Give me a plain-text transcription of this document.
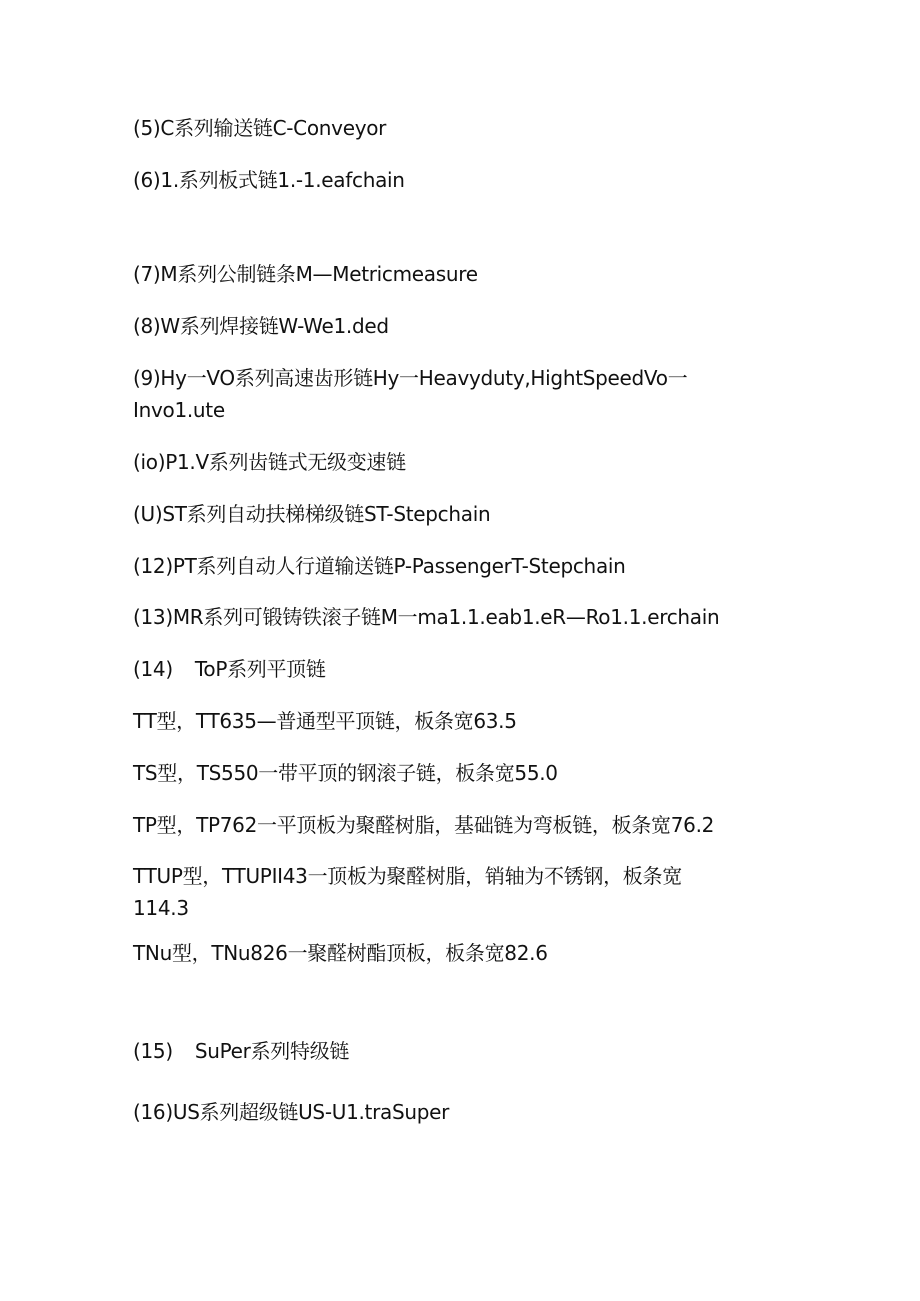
(5)C系列输送链C-Conveyor
(6)1.系列板式链1.-1.eafchain
(7)M系列公制链条M—Metricmeasure
(8)W系列焊接链W-We1.ded
(9)Hy一VO系列高速齿形链Hy一Heavyduty,HightSpeedVo一
Invo1.ute
(io)P1.V系列齿链式无级变速链
(U)ST系列自动扶梯梯级链ST-Stepchain
(12)PT系列自动人行道输送链P-PassengerT-Stepchain
(13)MR系列可锻铸铁滚子链M一ma1.1.eab1.eR—Ro1.1.erchain
(14) ToP系列平顶链
TT型，TT635—普通型平顶链，板条宽63.5
TS型，TS550一带平顶的钢滚子链，板条宽55.0
TP型，TP762一平顶板为聚醛树脂，基础链为弯板链，板条宽76.2
TTUP型，TTUPII43一顶板为聚醛树脂，销轴为不锈钢，板条宽
114.3
TNu型，TNu826一聚醛树酯顶板，板条宽82.6
(15) SuPer系列特级链
(16)US系列超级链US-U1.traSuper
